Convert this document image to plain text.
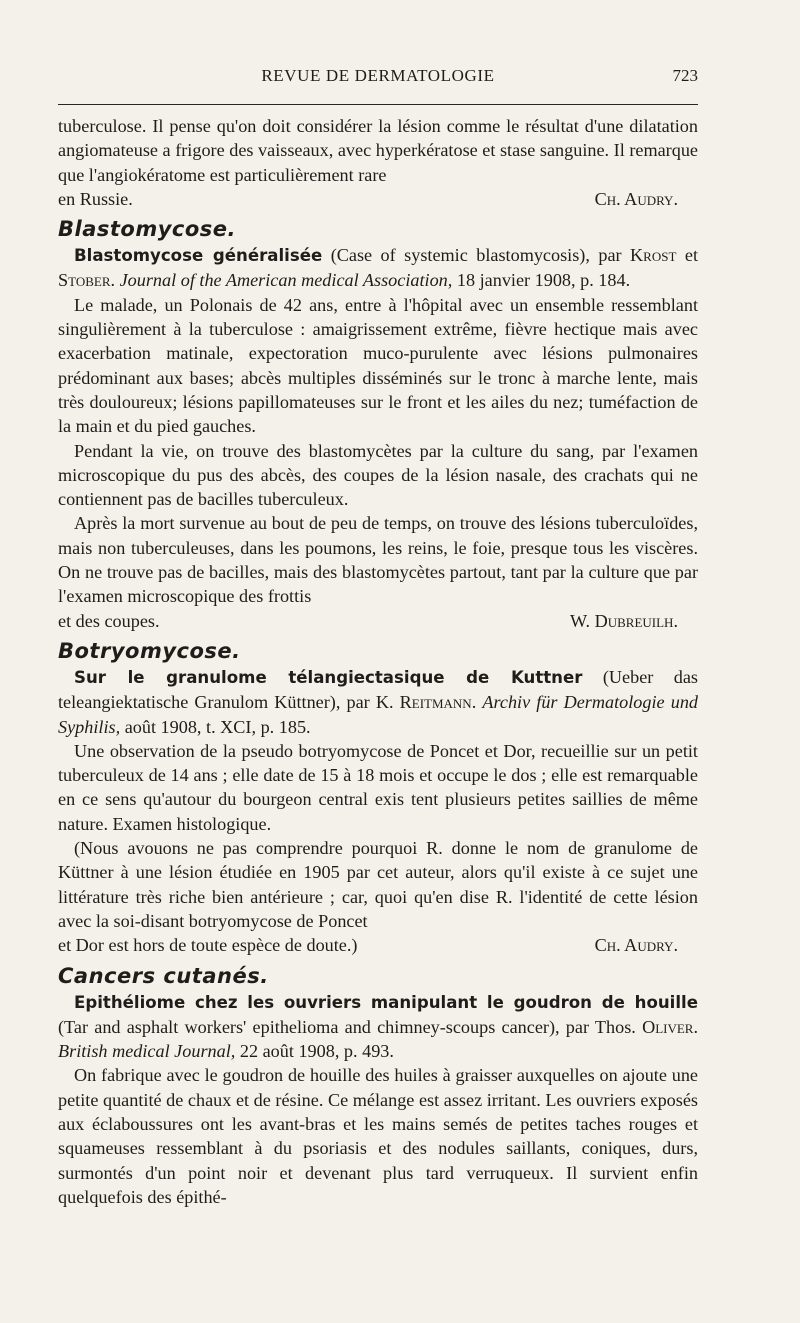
REVUE DE DERMATOLOGIE	723

tuberculose. Il pense qu'on doit considérer la lésion comme le résultat d'une dilatation angiomateuse a frigore des vaisseaux, avec hyperkératose et stase sanguine. Il remarque que l'angiokératome est particulièrement rare

en Russie.	Ch. Audry.

Blastomycose.

Blastomycose généralisée (Case of systemic blastomycosis), par Krost et Stober. Journal of the American medical Association, 18 janvier 1908, p. 184.

Le malade, un Polonais de 42 ans, entre à l'hôpital avec un ensemble ressemblant singulièrement à la tuberculose : amaigrissement extrême, fièvre hectique mais avec exacerbation matinale, expectoration muco-purulente avec lésions pulmonaires prédominant aux bases; abcès multiples disséminés sur le tronc à marche lente, mais très douloureux; lésions papillomateuses sur le front et les ailes du nez; tuméfaction de la main et du pied gauches.

Pendant la vie, on trouve des blastomycètes par la culture du sang, par l'examen microscopique du pus des abcès, des coupes de la lésion nasale, des crachats qui ne contiennent pas de bacilles tuberculeux.

Après la mort survenue au bout de peu de temps, on trouve des lésions tuberculoïdes, mais non tuberculeuses, dans les poumons, les reins, le foie, presque tous les viscères. On ne trouve pas de bacilles, mais des blastomycètes partout, tant par la culture que par l'examen microscopique des frottis

et des coupes.	W. Dubreuilh.

Botryomycose.

Sur le granulome télangiectasique de Kuttner (Ueber das teleangiektatische Granulom Küttner), par K. Reitmann. Archiv für Dermatologie und Syphilis, août 1908, t. XCI, p. 185.

Une observation de la pseudo botryomycose de Poncet et Dor, recueillie sur un petit tuberculeux de 14 ans ; elle date de 15 à 18 mois et occupe le dos ; elle est remarquable en ce sens qu'autour du bourgeon central exis tent plusieurs petites saillies de même nature. Examen histologique.

(Nous avouons ne pas comprendre pourquoi R. donne le nom de granulome de Küttner à une lésion étudiée en 1905 par cet auteur, alors qu'il existe à ce sujet une littérature très riche bien antérieure ; car, quoi qu'en dise R. l'identité de cette lésion avec la soi-disant botryomycose de Poncet

et Dor est hors de toute espèce de doute.)	Ch. Audry.

Cancers cutanés.

Epithéliome chez les ouvriers manipulant le goudron de houille (Tar and asphalt workers' epithelioma and chimney-scoups cancer), par Thos. Oliver. British medical Journal, 22 août 1908, p. 493.

On fabrique avec le goudron de houille des huiles à graisser auxquelles on ajoute une petite quantité de chaux et de résine. Ce mélange est assez irritant. Les ouvriers exposés aux éclaboussures ont les avant-bras et les mains semés de petites taches rouges et squameuses ressemblant à du psoriasis et des nodules saillants, coniques, durs, surmontés d'un point noir et devenant plus tard verruqueux. Il survient enfin quelquefois des épithé-
